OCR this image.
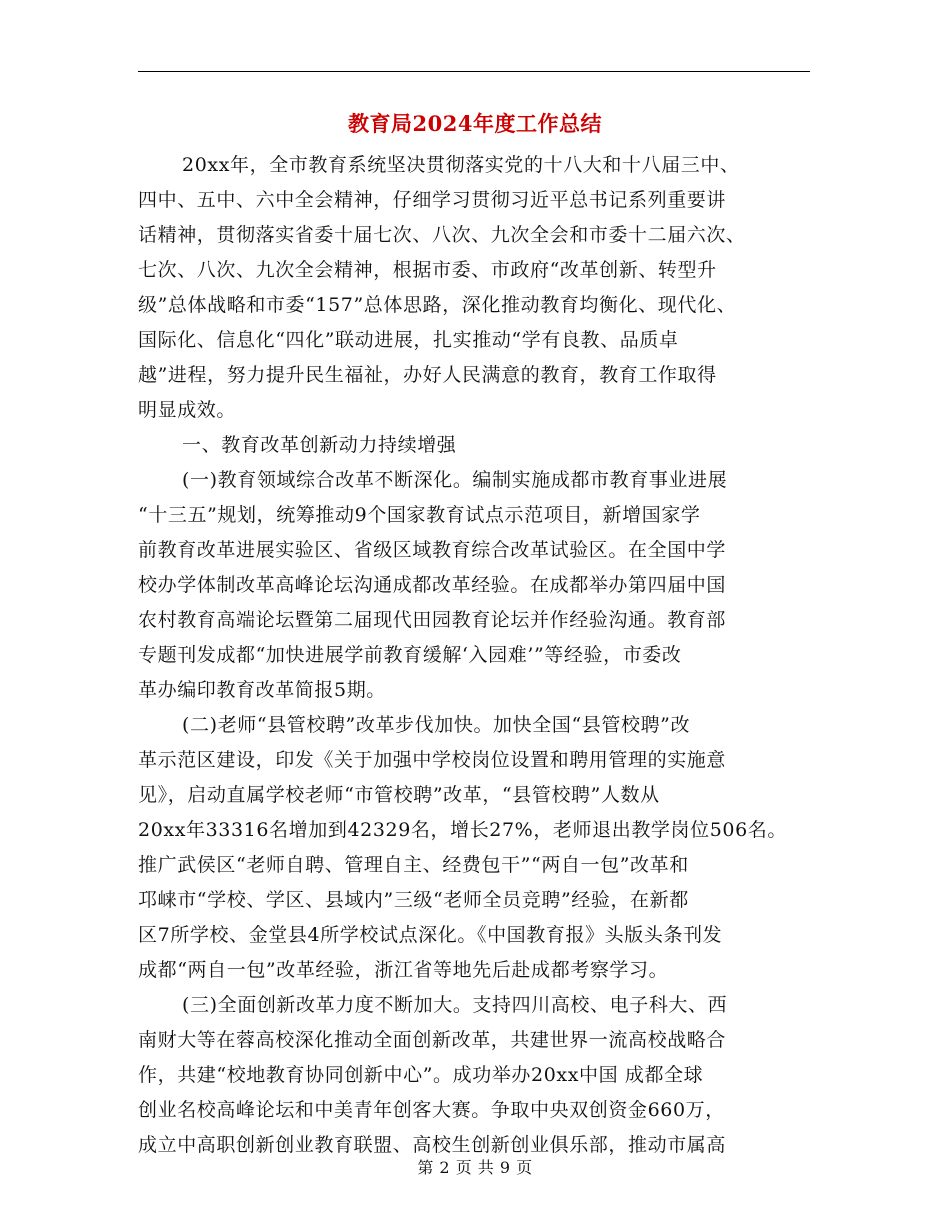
教育局2024年度工作总结
20xx年，全市教育系统坚决贯彻落实党的十八大和十八届三中、
四中、五中、六中全会精神，仔细学习贯彻习近平总书记系列重要讲
话精神，贯彻落实省委十届七次、八次、九次全会和市委十二届六次、
七次、八次、九次全会精神，根据市委、市政府“改革创新、转型升
级”总体战略和市委“157”总体思路，深化推动教育均衡化、现代化、
国际化、信息化“四化”联动进展，扎实推动“学有良教、品质卓
越”进程，努力提升民生福祉，办好人民满意的教育，教育工作取得
明显成效。
一、教育改革创新动力持续增强
(一)教育领域综合改革不断深化。编制实施成都市教育事业进展
“十三五”规划，统筹推动9个国家教育试点示范项目，新增国家学
前教育改革进展实验区、省级区域教育综合改革试验区。在全国中学
校办学体制改革高峰论坛沟通成都改革经验。在成都举办第四届中国
农村教育高端论坛暨第二届现代田园教育论坛并作经验沟通。教育部
专题刊发成都“加快进展学前教育缓解‘入园难’”等经验，市委改
革办编印教育改革简报5期。
(二)老师“县管校聘”改革步伐加快。加快全国“县管校聘”改
革示范区建设，印发《关于加强中学校岗位设置和聘用管理的实施意
见》，启动直属学校老师“市管校聘”改革，“县管校聘”人数从
20xx年33316名增加到42329名，增长27%，老师退出教学岗位506名。
推广武侯区“老师自聘、管理自主、经费包干”“两自一包”改革和
邛崃市“学校、学区、县域内”三级“老师全员竞聘”经验，在新都
区7所学校、金堂县4所学校试点深化。《中国教育报》头版头条刊发
成都“两自一包”改革经验，浙江省等地先后赴成都考察学习。
(三)全面创新改革力度不断加大。支持四川高校、电子科大、西
南财大等在蓉高校深化推动全面创新改革，共建世界一流高校战略合
作，共建“校地教育协同创新中心”。成功举办20xx中国 成都全球
创业名校高峰论坛和中美青年创客大赛。争取中央双创资金660万，
成立中高职创新创业教育联盟、高校生创新创业俱乐部，推动市属高
第 2 页 共 9 页
